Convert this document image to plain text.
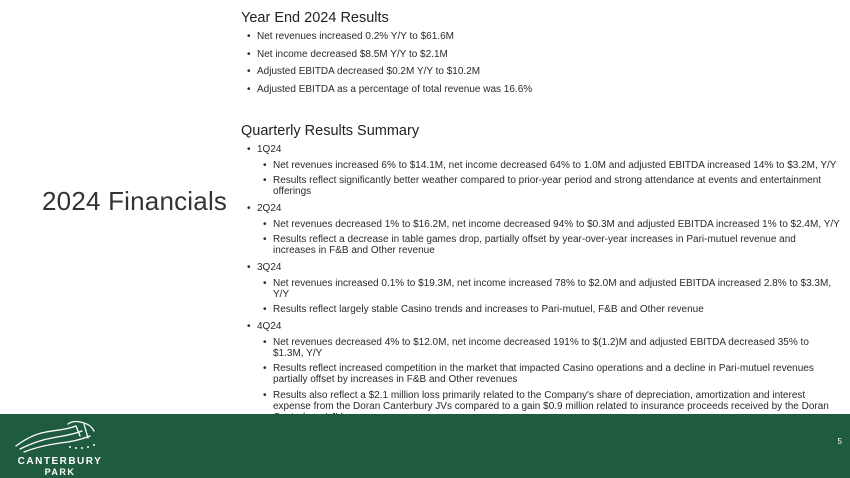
2024 Financials
Year End 2024 Results
• Net revenues increased 0.2% Y/Y to $61.6M
• Net income decreased $8.5M Y/Y to $2.1M
• Adjusted EBITDA decreased $0.2M Y/Y to $10.2M
• Adjusted EBITDA as a percentage of total revenue was 16.6%
Quarterly Results Summary
• 1Q24
• Net revenues increased 6% to $14.1M, net income decreased 64% to 1.0M and adjusted EBITDA increased 14% to $3.2M, Y/Y
• Results reflect significantly better weather compared to prior-year period and strong attendance at events and entertainment offerings
• 2Q24
• Net revenues decreased 1% to $16.2M, net income decreased 94% to $0.3M and adjusted EBITDA increased 1% to $2.4M, Y/Y
• Results reflect a decrease in table games drop, partially offset by year-over-year increases in Pari-mutuel revenue and increases in F&B and Other revenue
• 3Q24
• Net revenues increased 0.1% to $19.3M, net income increased 78% to $2.0M and adjusted EBITDA increased 2.8% to $3.3M, Y/Y
• Results reflect largely stable Casino trends and increases to Pari-mutuel, F&B and Other revenue
• 4Q24
• Net revenues decreased 4% to $12.0M, net income decreased 191% to $(1.2)M and adjusted EBITDA decreased 35% to $1.3M, Y/Y
• Results reflect increased competition in the market that impacted Casino operations and a decline in Pari-mutuel revenues partially offset by increases in F&B and Other revenues
• Results also reflect a $2.1 million loss primarily related to the Company's share of depreciation, amortization and interest expense from the Doran Canterbury JVs compared to a gain $0.9 million related to insurance proceeds received by the Doran
CANTERBURY
PARK
5
